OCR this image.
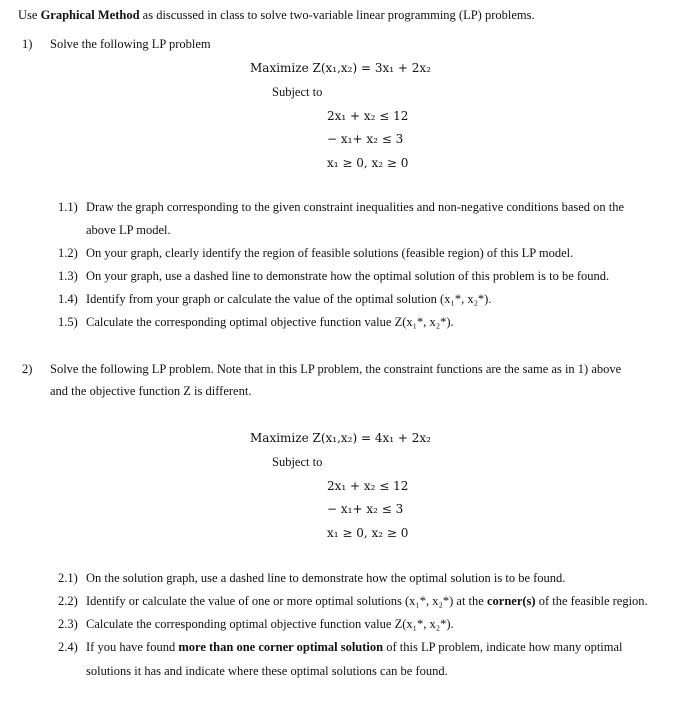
Use Graphical Method as discussed in class to solve two-variable linear programming (LP) problems.
1) Solve the following LP problem
Maximize Z(x₁,x₂) = 3x₁ + 2x₂
Subject to
2x₁ + x₂ ≤ 12
− x₁+ x₂ ≤ 3
x₁ ≥ 0, x₂ ≥ 0
1.1) Draw the graph corresponding to the given constraint inequalities and non-negative conditions based on the
above LP model.
1.2) On your graph, clearly identify the region of feasible solutions (feasible region) of this LP model.
1.3) On your graph, use a dashed line to demonstrate how the optimal solution of this problem is to be found.
1.4) Identify from your graph or calculate the value of the optimal solution (x₁*, x₂*).
1.5) Calculate the corresponding optimal objective function value Z(x₁*, x₂*).
2) Solve the following LP problem. Note that in this LP problem, the constraint functions are the same as in 1) above
and the objective function Z is different.
Maximize Z(x₁,x₂) = 4x₁ + 2x₂
Subject to
2x₁ + x₂ ≤ 12
− x₁+ x₂ ≤ 3
x₁ ≥ 0, x₂ ≥ 0
2.1) On the solution graph, use a dashed line to demonstrate how the optimal solution is to be found.
2.2) Identify or calculate the value of one or more optimal solutions (x₁*, x₂*) at the corner(s) of the feasible region.
2.3) Calculate the corresponding optimal objective function value Z(x₁*, x₂*).
2.4) If you have found more than one corner optimal solution of this LP problem, indicate how many optimal
solutions it has and indicate where these optimal solutions can be found.
